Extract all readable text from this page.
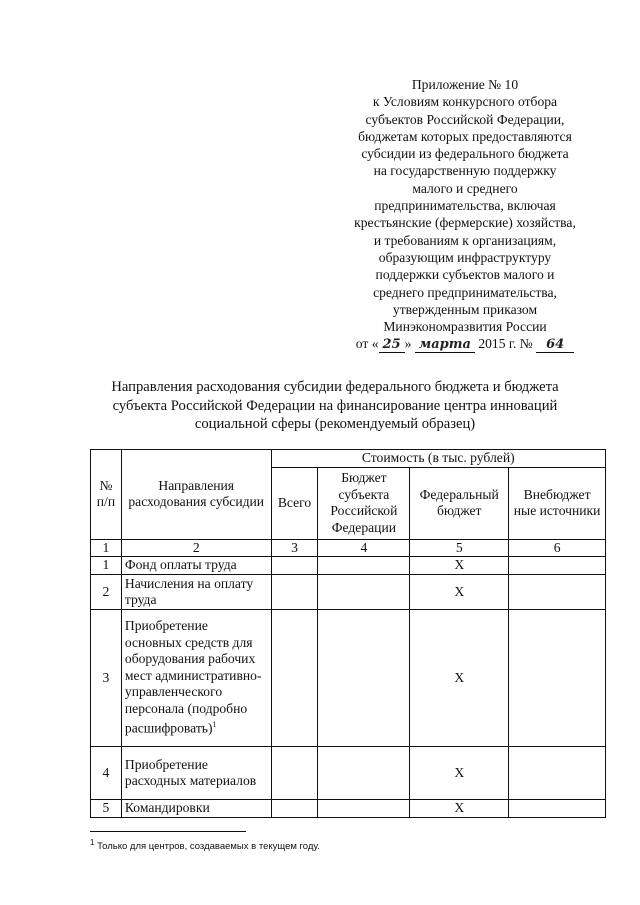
Приложение № 10
к Условиям конкурсного отбора
субъектов Российской Федерации,
бюджетам которых предоставляются
субсидии из федерального бюджета
на государственную поддержку
малого и среднего
предпринимательства, включая
крестьянские (фермерские) хозяйства,
и требованиям к организациям,
образующим инфраструктуру
поддержки субъектов малого и
среднего предпринимательства,
утвержденным приказом
Минэкономразвития России
от « 25 » марта 2015 г. № 64
Направления расходования субсидии федерального бюджета и бюджета
субъекта Российской Федерации на финансирование центра инноваций
социальной сферы (рекомендуемый образец)
№ п/п	Направления расходования субсидии	Стоимость (в тыс. рублей)			
		Всего	Бюджет субъекта Российской Федерации	Федеральный бюджет	Внебюджет ные источники
1	2	3	4	5	6
1	Фонд оплаты труда			X	
2	Начисления на оплату труда			X	
3	Приобретение основных средств для оборудования рабочих мест административно-управленческого персонала (подробно расшифровать)$^1$			X	
4	Приобретение расходных материалов			X	
5	Командировки			X	
$^1$ Только для центров, создаваемых в текущем году.
